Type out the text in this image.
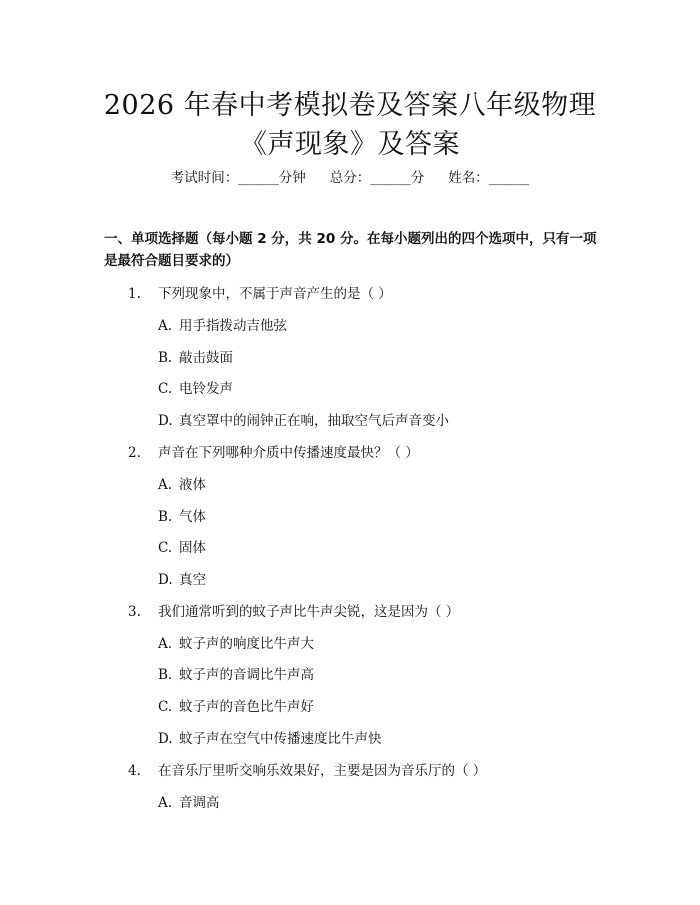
2026 年春中考模拟卷及答案八年级物理《声现象》及答案
考试时间：______分钟 总分：______分 姓名：______
一、单项选择题（每小题 2 分，共 20 分。在每小题列出的四个选项中，只有一项是最符合题目要求的）
1. 下列现象中，不属于声音产生的是（ ）
A. 用手指拨动吉他弦
B. 敲击鼓面
C. 电铃发声
D. 真空罩中的闹钟正在响，抽取空气后声音变小
2. 声音在下列哪种介质中传播速度最快？（ ）
A. 液体
B. 气体
C. 固体
D. 真空
3. 我们通常听到的蚊子声比牛声尖锐，这是因为（ ）
A. 蚊子声的响度比牛声大
B. 蚊子声的音调比牛声高
C. 蚊子声的音色比牛声好
D. 蚊子声在空气中传播速度比牛声快
4. 在音乐厅里听交响乐效果好，主要是因为音乐厅的（ ）
A. 音调高
